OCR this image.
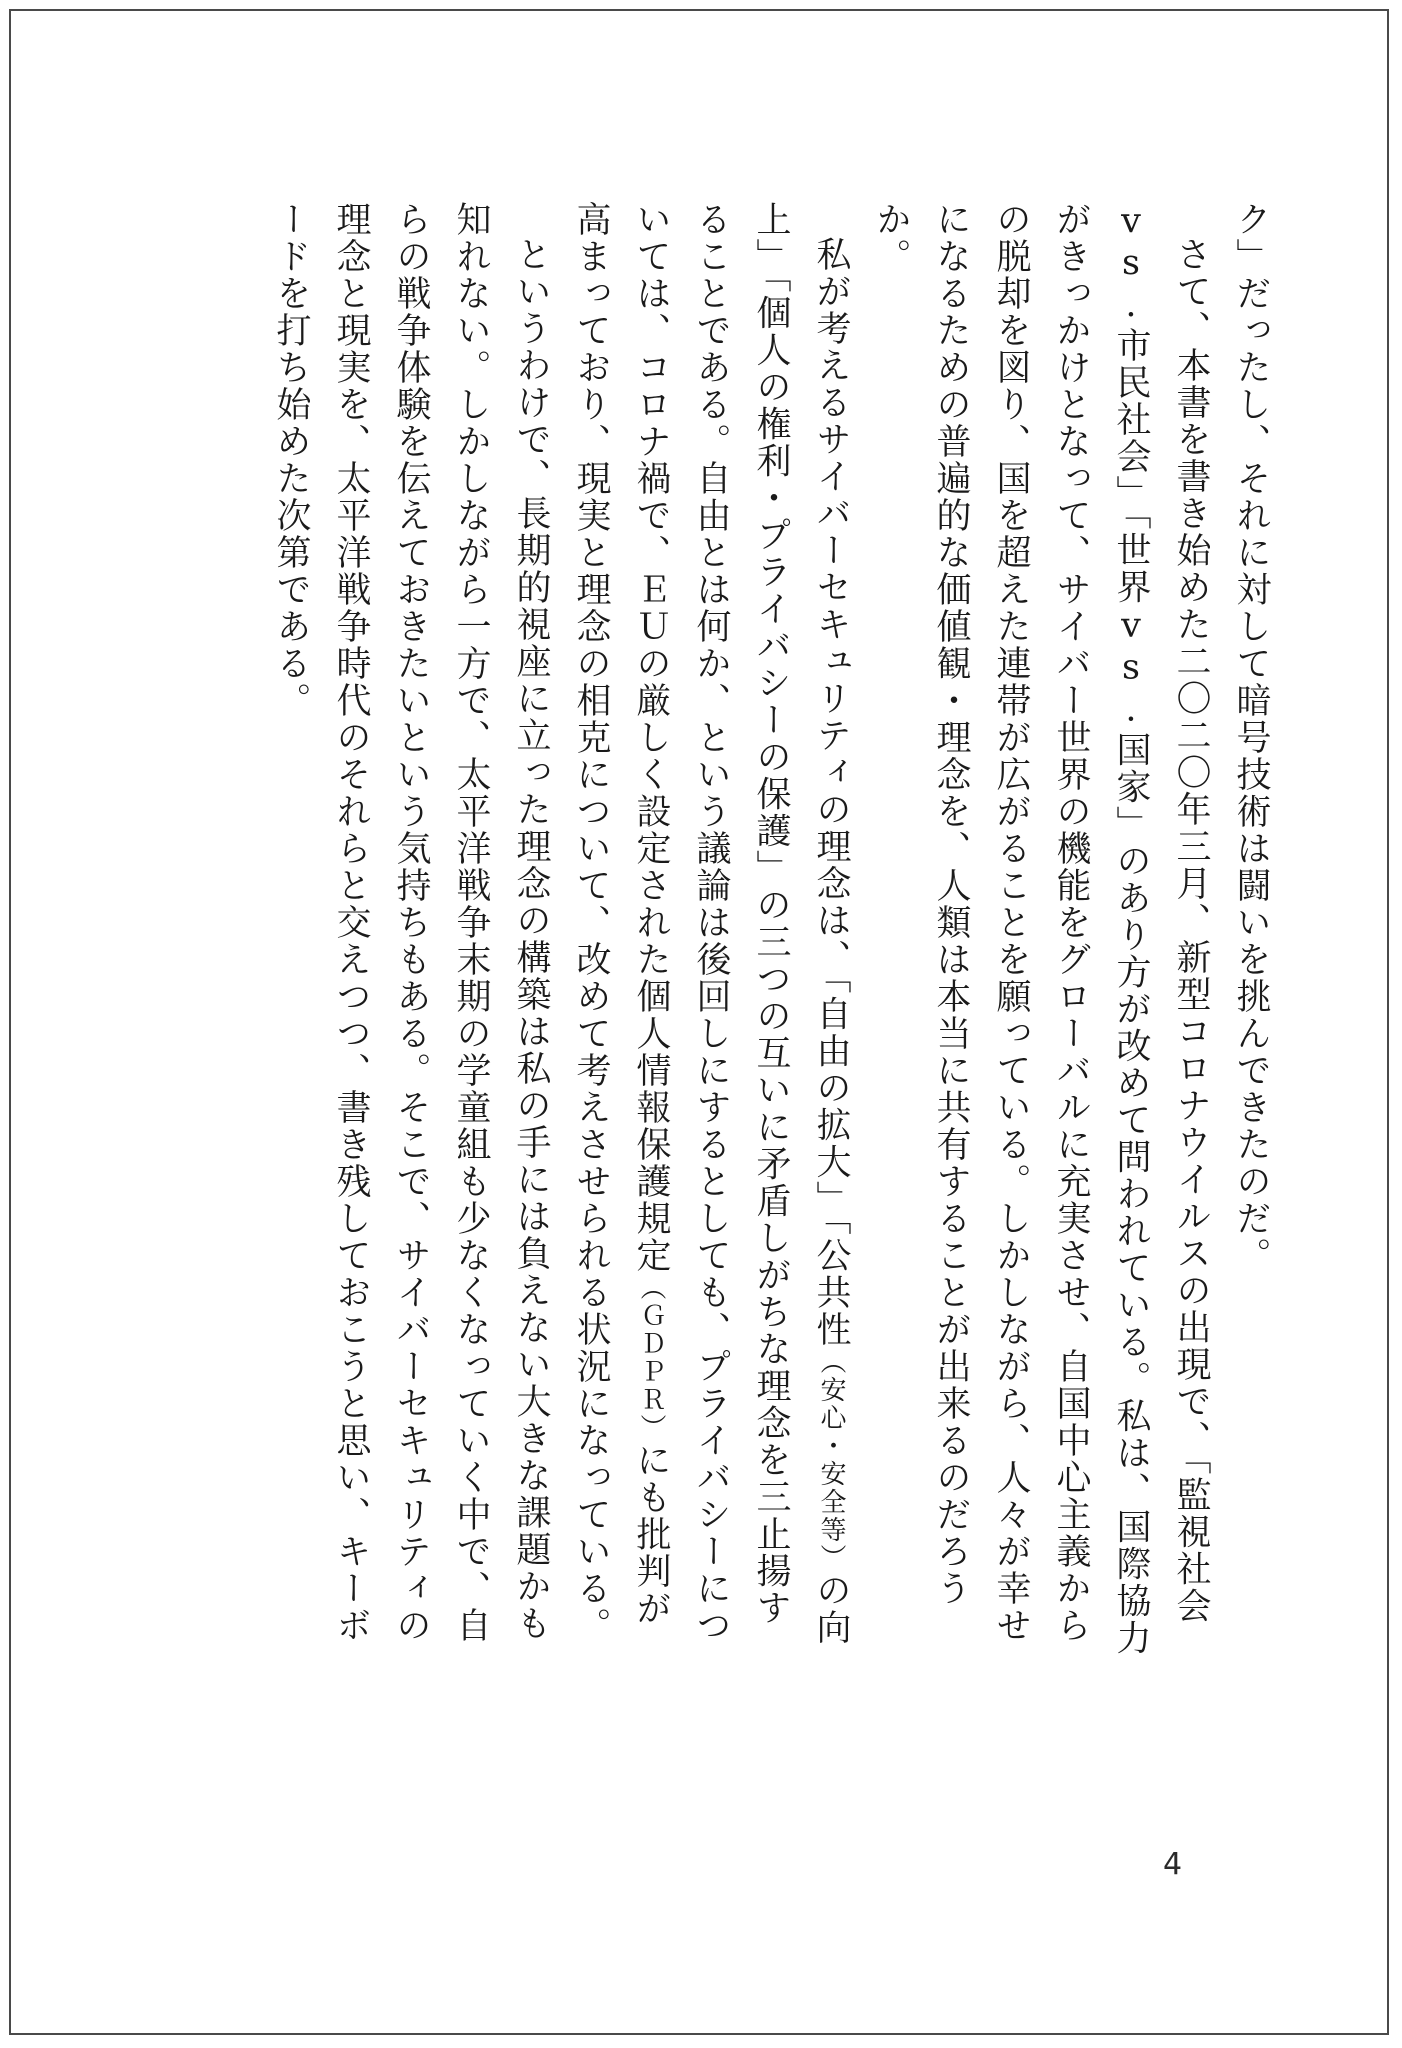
ク」だったし、それに対して暗号技術は闘いを挑んできたのだ。

さて、本書を書き始めた二〇二〇年三月、新型コロナウイルスの出現で、「監視社会vs.市民社会」「世界vs.国家」のあり方が改めて問われている。私は、国際協力がきっかけとなって、サイバー世界の機能をグローバルに充実させ、自国中心主義からの脱却を図り、国を超えた連帯が広がることを願っている。しかしながら、人々が幸せになるための普遍的な価値観・理念を、人類は本当に共有することが出来るのだろうか。

私が考えるサイバーセキュリティの理念は、「自由の拡大」「公共性（安心・安全等）の向上」「個人の権利・プライバシーの保護」の三つの互いに矛盾しがちな理念を三止揚することである。自由とは何か、という議論は後回しにするとしても、プライバシーについては、コロナ禍で、ＥＵの厳しく設定された個人情報保護規定（ＧＤＰＲ）にも批判が高まっており、現実と理念の相克について、改めて考えさせられる状況になっている。

というわけで、長期的視座に立った理念の構築は私の手には負えない大きな課題かも知れない。しかしながら一方で、太平洋戦争末期の学童組も少なくなっていく中で、自らの戦争体験を伝えておきたいという気持ちもある。そこで、サイバーセキュリティの理念と現実を、太平洋戦争時代のそれらと交えつつ、書き残しておこうと思い、キーボードを打ち始めた次第である。

4
